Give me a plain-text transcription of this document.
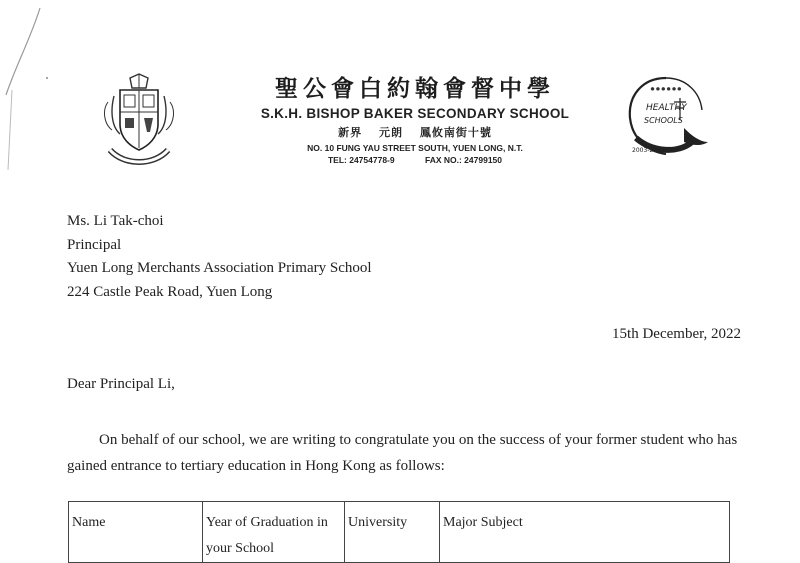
聖公會白約翰會督中學
S.K.H. BISHOP BAKER SECONDARY SCHOOL
新界 元朗 鳳攸南街十號
NO. 10 FUNG YAU STREET SOUTH, YUEN LONG, N.T.
TEL: 24754778-9	FAX NO.: 24799150
● ● ● ● ● ●
HEALTHY
SCHOOLS
2003-2004
Ms. Li Tak-choi
Principal
Yuen Long Merchants Association Primary School
224 Castle Peak Road, Yuen Long
15th December, 2022
Dear Principal Li,
On behalf of our school, we are writing to congratulate you on the success of your former student who has gained entrance to tertiary education in Hong Kong as follows:
Name	Year of Graduation in your School	University	Major Subject
